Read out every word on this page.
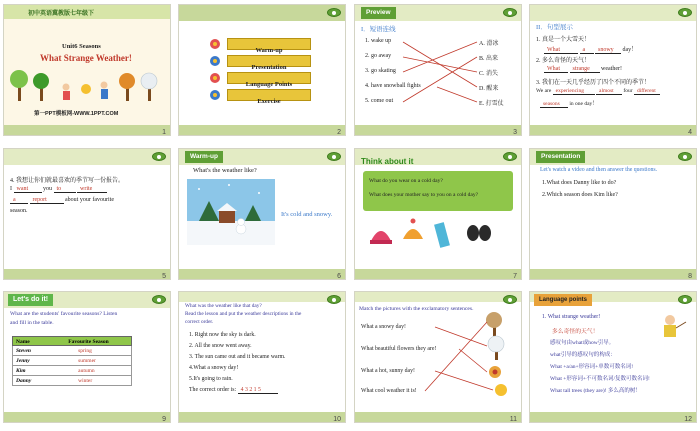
初中英语冀教版七年级下
Unit6 Seasons
What Strange Weather!
第一PPT模板网-WWW.1PPT.COM
1
Warm-up
Presentation
Language Points
Exercise
2
Preview
I．短语连线
1. wake up
2. go away
3. go skating
4. have snowball fights
5. come out
A. 滑冰
B. 出来
C. 消失
D. 醒来
E. 打雪仗
3
II．句型展示
1. 真是一个大雪天！
What	a snowy day！
2. 多么奇怪的天气！
What strange weather!
3. 我们在一天几乎经历了四个不同的季节！
We are experiencing	almost four different
seasons in one day！
4
4. 我想让你们就最喜欢的季节写一份报告。
I want you to	write
a	report	about your favourite
season.
5
Warm-up
What's the weather like?
It's cold and snowy.
6
Think about it
What do you wear on a cold day?
What does your mother say to you on a cold day?
7
Presentation
Let's watch a video and then answer the questions.
1.What does Danny like to do?
2.Which season does Kim like?
8
Let's do it!
What are the students' favourite seasons? Listen
and fill in the table.
Name	Favourite Season
Steven	spring
Jenny	summer
Kim	autumn
Danny	winter
9
What was the weather like that day?
Read the lesson and put the weather descriptions in the
correct order.
1. Right now the sky is dark.
2. All the snow went away.
3. The sun came out and it became warm.
4.What a snowy day!
5.It's going to rain.
The correct order is: 4 3 2 1 5
10
Match the pictures with the exclamatory sentences.
What a snowy day!
What beautiful flowers they are!
What a hot, sunny day!
What cool weather it is!
11
Language points
1. What strange weather!
多么奇怪的天气！
感叹句由what或how引导。
what引导的感叹句的构成：
What +a/an+形容词+单数可数名词!
What +形容词+不可数名词/复数可数名词!
What tall trees (they are)! 多么高的树！
12
